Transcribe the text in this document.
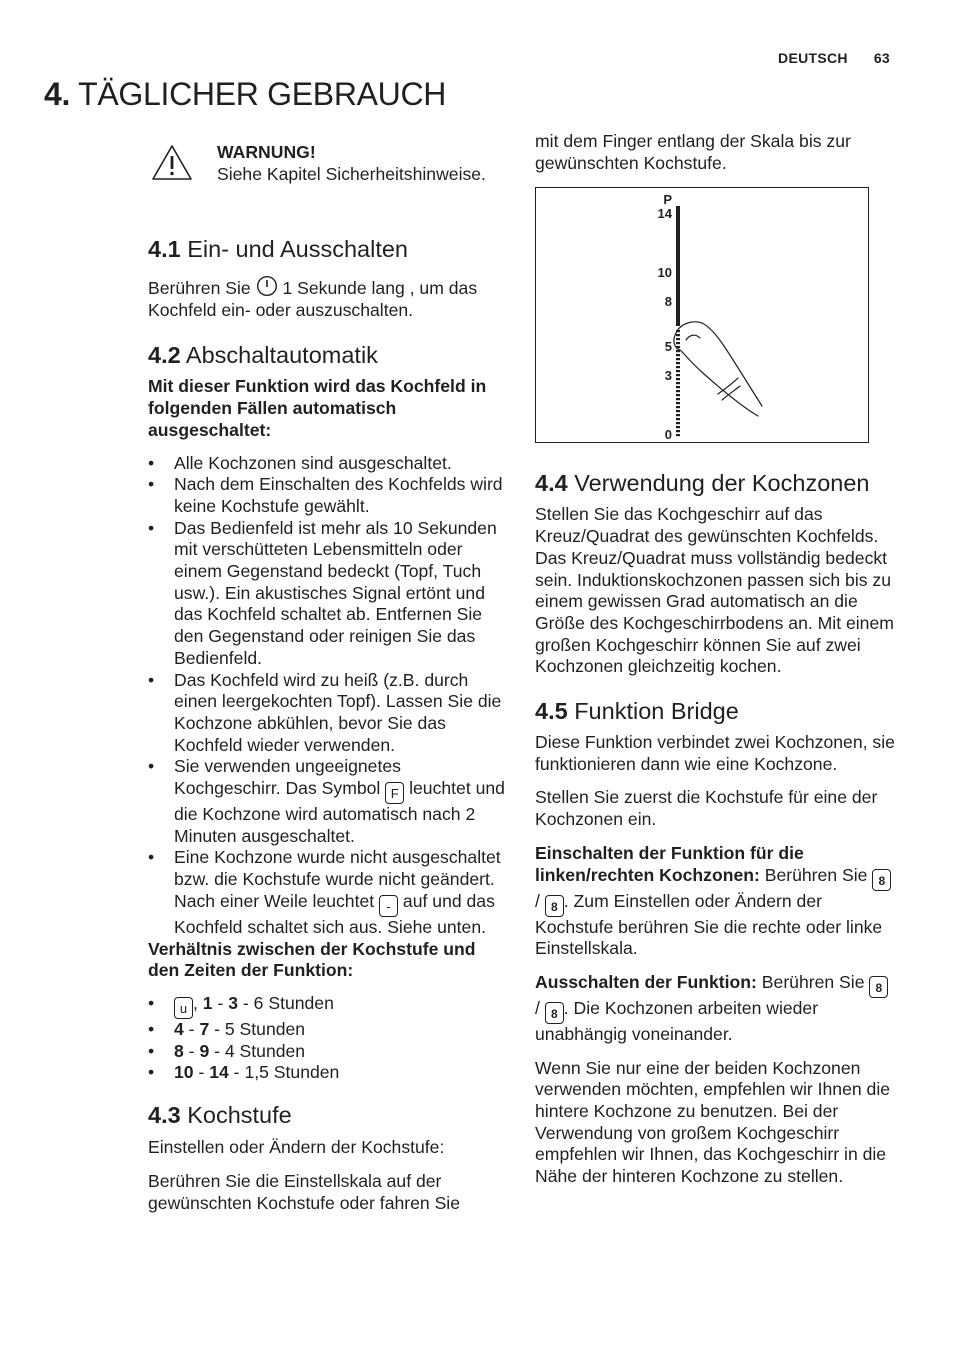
DEUTSCH 63
4. TÄGLICHER GEBRAUCH

WARNUNG!

Siehe Kapitel Sicherheitshinweise.

4.1 Ein- und Ausschalten

Berühren Sie  1 Sekunde lang , um das Kochfeld ein- oder auszuschalten.

4.2 Abschaltautomatik

Mit dieser Funktion wird das Kochfeld in folgenden Fällen automatisch ausgeschaltet:

• Alle Kochzonen sind ausgeschaltet.
• Nach dem Einschalten des Kochfelds wird keine Kochstufe gewählt.
• Das Bedienfeld ist mehr als 10 Sekunden mit verschütteten Lebensmitteln oder einem Gegenstand bedeckt (Topf, Tuch usw.). Ein akustisches Signal ertönt und das Kochfeld schaltet ab. Entfernen Sie den Gegenstand oder reinigen Sie das Bedienfeld.
• Das Kochfeld wird zu heiß (z.B. durch einen leergekochten Topf). Lassen Sie die Kochzone abkühlen, bevor Sie das Kochfeld wieder verwenden.
• Sie verwenden ungeeignetes Kochgeschirr. Das Symbol F leuchtet und die Kochzone wird automatisch nach 2 Minuten ausgeschaltet.
• Eine Kochzone wurde nicht ausgeschaltet bzw. die Kochstufe wurde nicht geändert. Nach einer Weile leuchtet - auf und das Kochfeld schaltet sich aus. Siehe unten.

Verhältnis zwischen der Kochstufe und den Zeiten der Funktion:

• u , 1 - 3 - 6 Stunden
• 4 - 7 - 5 Stunden
• 8 - 9 - 4 Stunden
• 10 - 14 - 1,5 Stunden
4.3 Kochstufe

Einstellen oder Ändern der Kochstufe:

Berühren Sie die Einstellskala auf der gewünschten Kochstufe oder fahren Sie

mit dem Finger entlang der Skala bis zur gewünschten Kochstufe.

P
14
10
8
5
3
0
4.4 Verwendung der Kochzonen

Stellen Sie das Kochgeschirr auf das Kreuz/Quadrat des gewünschten Kochfelds. Das Kreuz/Quadrat muss vollständig bedeckt sein. Induktionskochzonen passen sich bis zu einem gewissen Grad automatisch an die Größe des Kochgeschirrbodens an. Mit einem großen Kochgeschirr können Sie auf zwei Kochzonen gleichzeitig kochen.

4.5 Funktion Bridge

Diese Funktion verbindet zwei Kochzonen, sie funktionieren dann wie eine Kochzone.

Stellen Sie zuerst die Kochstufe für eine der Kochzonen ein.

Einschalten der Funktion für die linken/rechten Kochzonen: Berühren Sie 8 / 8 . Zum Einstellen oder Ändern der Kochstufe berühren Sie die rechte oder linke Einstellskala.

Ausschalten der Funktion: Berühren Sie 8 / 8 . Die Kochzonen arbeiten wieder unabhängig voneinander.

Wenn Sie nur eine der beiden Kochzonen verwenden möchten, empfehlen wir Ihnen die hintere Kochzone zu benutzen. Bei der Verwendung von großem Kochgeschirr empfehlen wir Ihnen, das Kochgeschirr in die Nähe der hinteren Kochzone zu stellen.
